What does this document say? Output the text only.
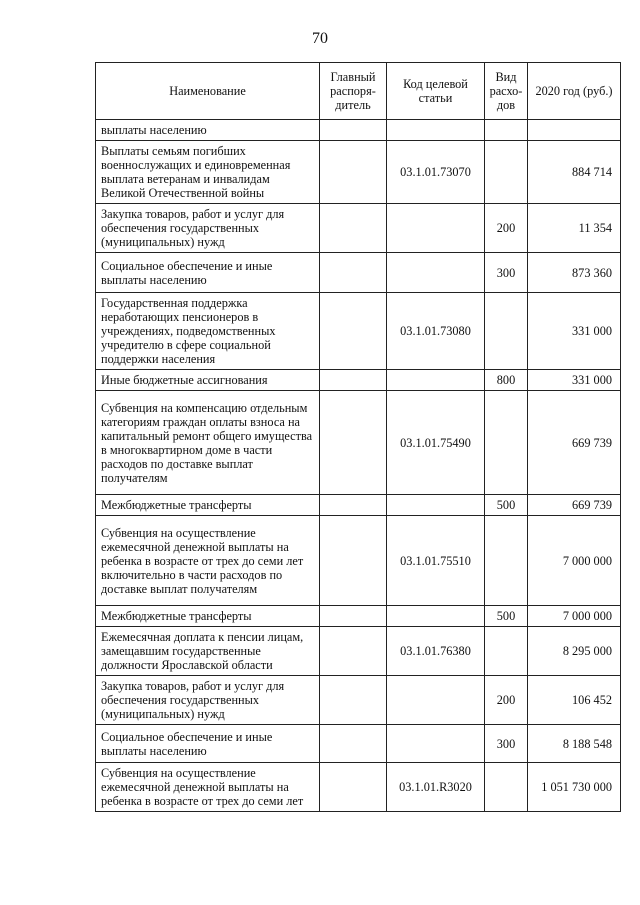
70
Наименование	Главный распоря-дитель	Код целевой статьи	Вид расхо-дов	2020 год (руб.)
выплаты населению				
Выплаты семьям погибших военнослужащих и единовременная выплата ветеранам и инвалидам Великой Отечественной войны		03.1.01.73070		884 714
Закупка товаров, работ и услуг для обеспечения государственных (муниципальных) нужд			200	11 354
Социальное обеспечение и иные выплаты населению			300	873 360
Государственная поддержка неработающих пенсионеров в учреждениях, подведомственных учредителю в сфере социальной поддержки населения		03.1.01.73080		331 000
Иные бюджетные ассигнования			800	331 000
Субвенция на компенсацию отдельным категориям граждан оплаты взноса на капитальный ремонт общего имущества в многоквартирном доме в части расходов по доставке выплат получателям		03.1.01.75490		669 739
Межбюджетные трансферты			500	669 739
Субвенция на осуществление ежемесячной денежной выплаты на ребенка в возрасте от трех до семи лет включительно в части расходов по доставке выплат получателям		03.1.01.75510		7 000 000
Межбюджетные трансферты			500	7 000 000
Ежемесячная доплата к пенсии лицам, замещавшим государственные должности Ярославской области		03.1.01.76380		8 295 000
Закупка товаров, работ и услуг для обеспечения государственных (муниципальных) нужд			200	106 452
Социальное обеспечение и иные выплаты населению			300	8 188 548
Субвенция на осуществление ежемесячной денежной выплаты на ребенка в возрасте от трех до семи лет		03.1.01.R3020		1 051 730 000
